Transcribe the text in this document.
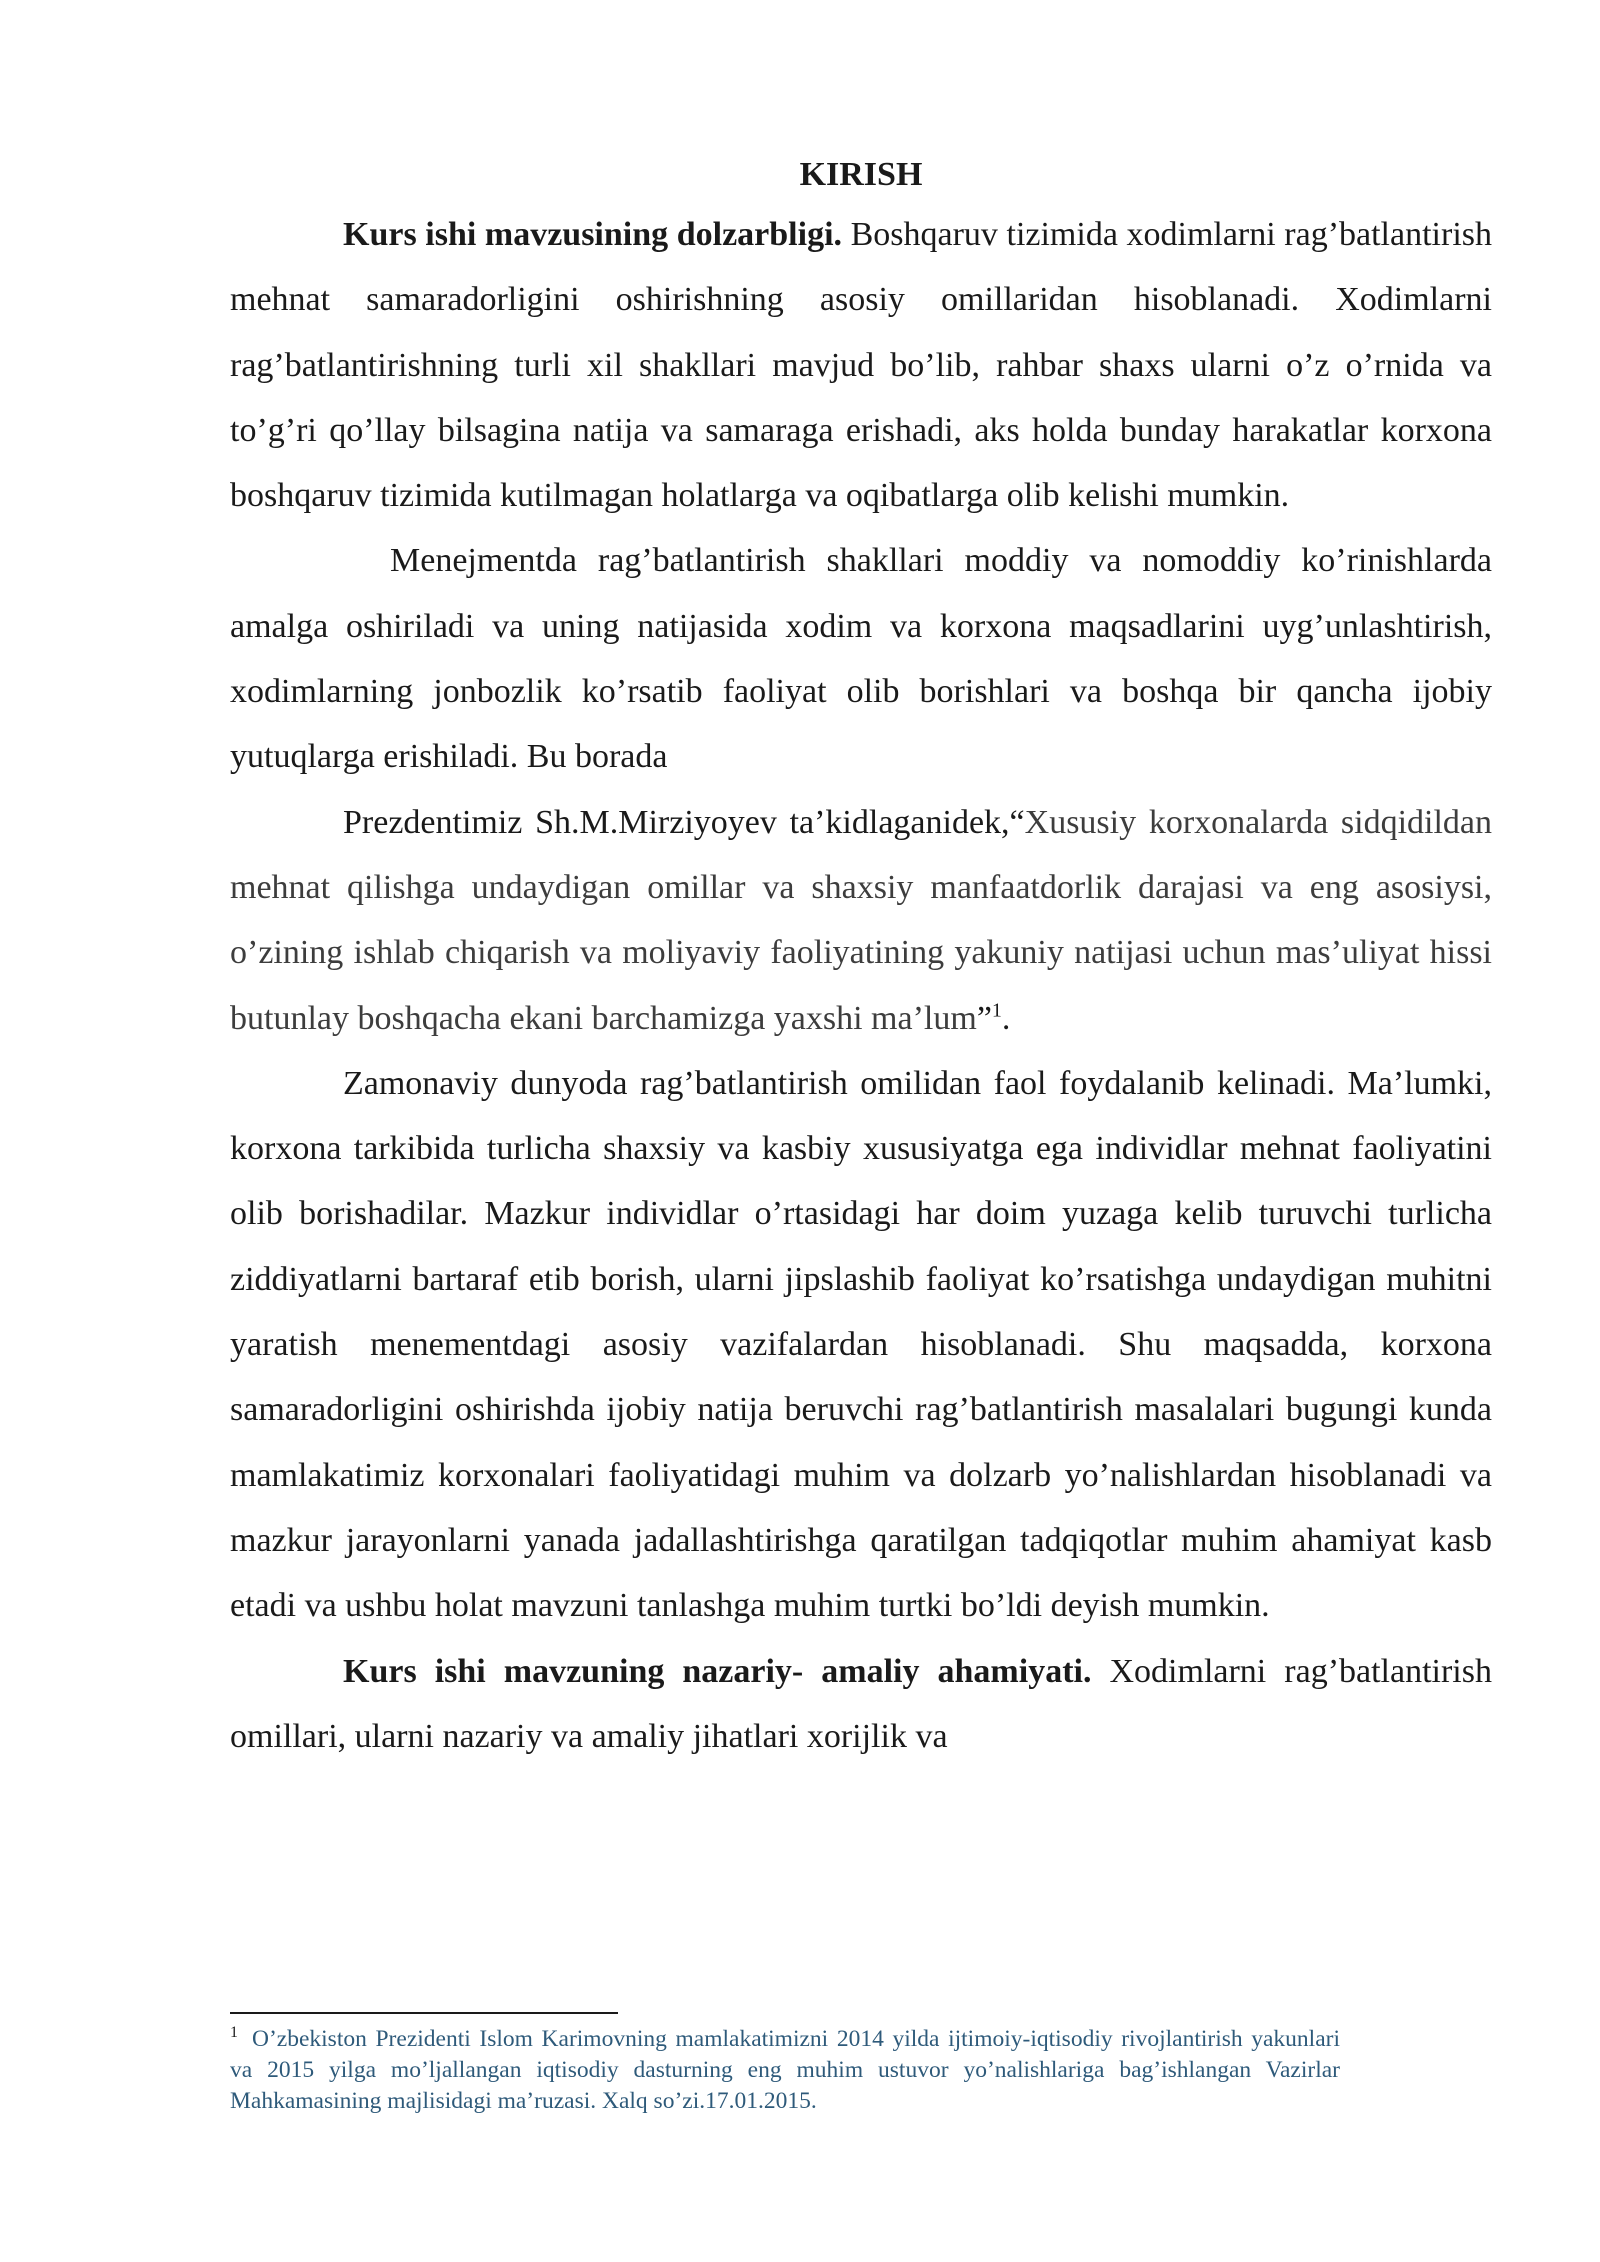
KIRISH

Kurs ishi mavzusining dolzarbligi. Boshqaruv tizimida xodimlarni rag’batlantirish mehnat samaradorligini oshirishning asosiy omillaridan hisoblanadi. Xodimlarni rag’batlantirishning turli xil shakllari mavjud bo’lib, rahbar shaxs ularni o’z o’rnida va to’g’ri qo’llay bilsagina natija va samaraga erishadi, aks holda bunday harakatlar korxona boshqaruv tizimida kutilmagan holatlarga va oqibatlarga olib kelishi mumkin.

Menejmentda rag’batlantirish shakllari moddiy va nomoddiy ko’rinishlarda amalga oshiriladi va uning natijasida xodim va korxona maqsadlarini uyg’unlashtirish, xodimlarning jonbozlik ko’rsatib faoliyat olib borishlari va boshqa bir qancha ijobiy yutuqlarga erishiladi. Bu borada

Prezdentimiz Sh.M.Mirziyoyev ta’kidlaganidek,“Xususiy korxonalarda sidqidildan mehnat qilishga undaydigan omillar va shaxsiy manfaatdorlik darajasi va eng asosiysi, o’zining ishlab chiqarish va moliyaviy faoliyatining yakuniy natijasi uchun mas’uliyat hissi butunlay boshqacha ekani barchamizga yaxshi ma’lum”$^1$.

Zamonaviy dunyoda rag’batlantirish omilidan faol foydalanib kelinadi. Ma’lumki, korxona tarkibida turlicha shaxsiy va kasbiy xususiyatga ega individlar mehnat faoliyatini olib borishadilar. Mazkur individlar o’rtasidagi har doim yuzaga kelib turuvchi turlicha ziddiyatlarni bartaraf etib borish, ularni jipslashib faoliyat ko’rsatishga undaydigan muhitni yaratish menementdagi asosiy vazifalardan hisoblanadi. Shu maqsadda, korxona samaradorligini oshirishda ijobiy natija beruvchi rag’batlantirish masalalari bugungi kunda mamlakatimiz korxonalari faoliyatidagi muhim va dolzarb yo’nalishlardan hisoblanadi va mazkur jarayonlarni yanada jadallashtirishga qaratilgan tadqiqotlar muhim ahamiyat kasb etadi va ushbu holat mavzuni tanlashga muhim turtki bo’ldi deyish mumkin.

Kurs ishi mavzuning nazariy- amaliy ahamiyati. Xodimlarni rag’batlantirish omillari, ularni nazariy va amaliy jihatlari xorijlik va

$^1$ O’zbekiston Prezidenti Islom Karimovning mamlakatimizni 2014 yilda ijtimoiy-iqtisodiy rivojlantirish yakunlari va 2015 yilga mo’ljallangan iqtisodiy dasturning eng muhim ustuvor yo’nalishlariga bag’ishlangan Vazirlar Mahkamasining majlisidagi ma’ruzasi. Xalq so’zi.17.01.2015.
